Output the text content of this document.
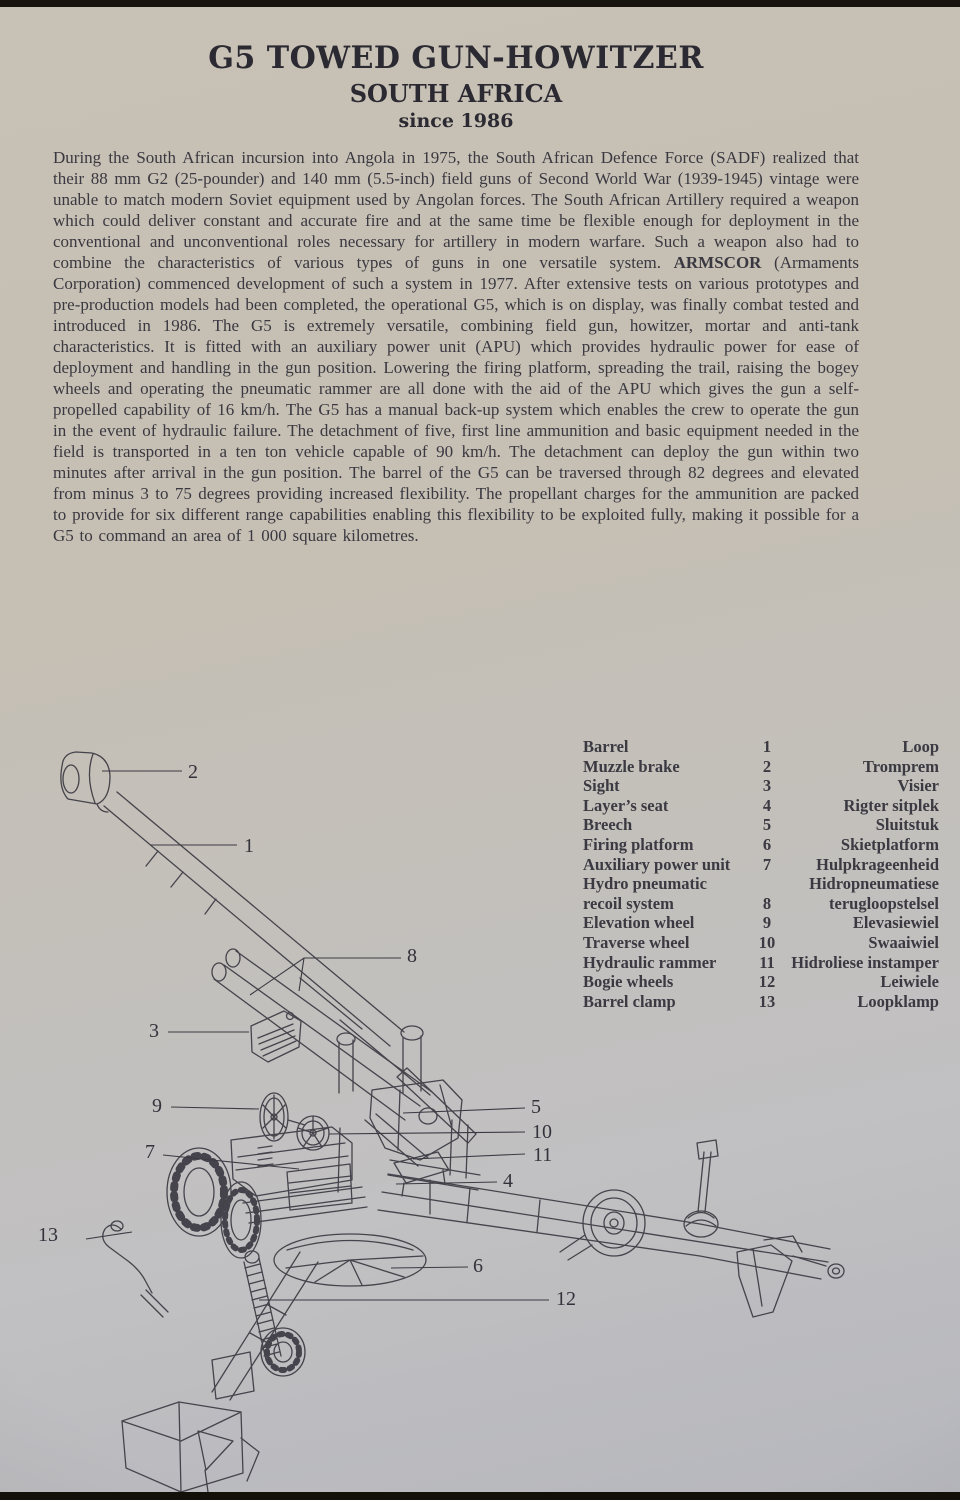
G5 TOWED GUN-HOWITZER
SOUTH AFRICA
since 1986
During the South African incursion into Angola in 1975, the South African Defence Force (SADF) realized that their 88 mm G2 (25-pounder) and 140 mm (5.5-inch) field guns of Second World War (1939-1945) vintage were unable to match modern Soviet equipment used by Angolan forces. The South African Artillery required a weapon which could deliver constant and accurate fire and at the same time be flexible enough for deployment in the conventional and unconventional roles necessary for artillery in modern warfare. Such a weapon also had to combine the characteristics of various types of guns in one versatile system. ARMSCOR (Armaments Corporation) commenced development of such a system in 1977. After extensive tests on various prototypes and pre-production models had been completed, the operational G5, which is on display, was finally combat tested and introduced in 1986. The G5 is extremely versatile, combining field gun, howitzer, mortar and anti-tank characteristics. It is fitted with an auxiliary power unit (APU) which provides hydraulic power for ease of deployment and handling in the gun position. Lowering the firing platform, spreading the trail, raising the bogey wheels and operating the pneumatic rammer are all done with the aid of the APU which gives the gun a self-propelled capability of 16 km/h. The G5 has a manual back-up system which enables the crew to operate the gun in the event of hydraulic failure. The detachment of five, first line ammunition and basic equipment needed in the field is transported in a ten ton vehicle capable of 90 km/h. The detachment can deploy the gun within two minutes after arrival in the gun position. The barrel of the G5 can be traversed through 82 degrees and elevated from minus 3 to 75 degrees providing increased flexibility. The propellant charges for the ammunition are packed to provide for six different range capabilities enabling this flexibility to be exploited fully, making it possible for a G5 to command an area of 1 000 square kilometres.
Barrel	1	Loop
Muzzle brake	2	Tromprem
Sight	3	Visier
Layer’s seat	4	Rigter sitplek
Breech	5	Sluitstuk
Firing platform	6	Skietplatform
Auxiliary power unit	7	Hulpkrageenheid
Hydro pneumatic	Hidropneumatiese
recoil system	8	terugloopstelsel
Elevation wheel	9	Elevasiewiel
Traverse wheel	10	Swaaiwiel
Hydraulic rammer	11 Hidroliese instamper
Bogie wheels	12	Leiwiele
Barrel clamp	13	Loopklamp
2
1
8
3
9	5
10
7	11
4
13
6
12
